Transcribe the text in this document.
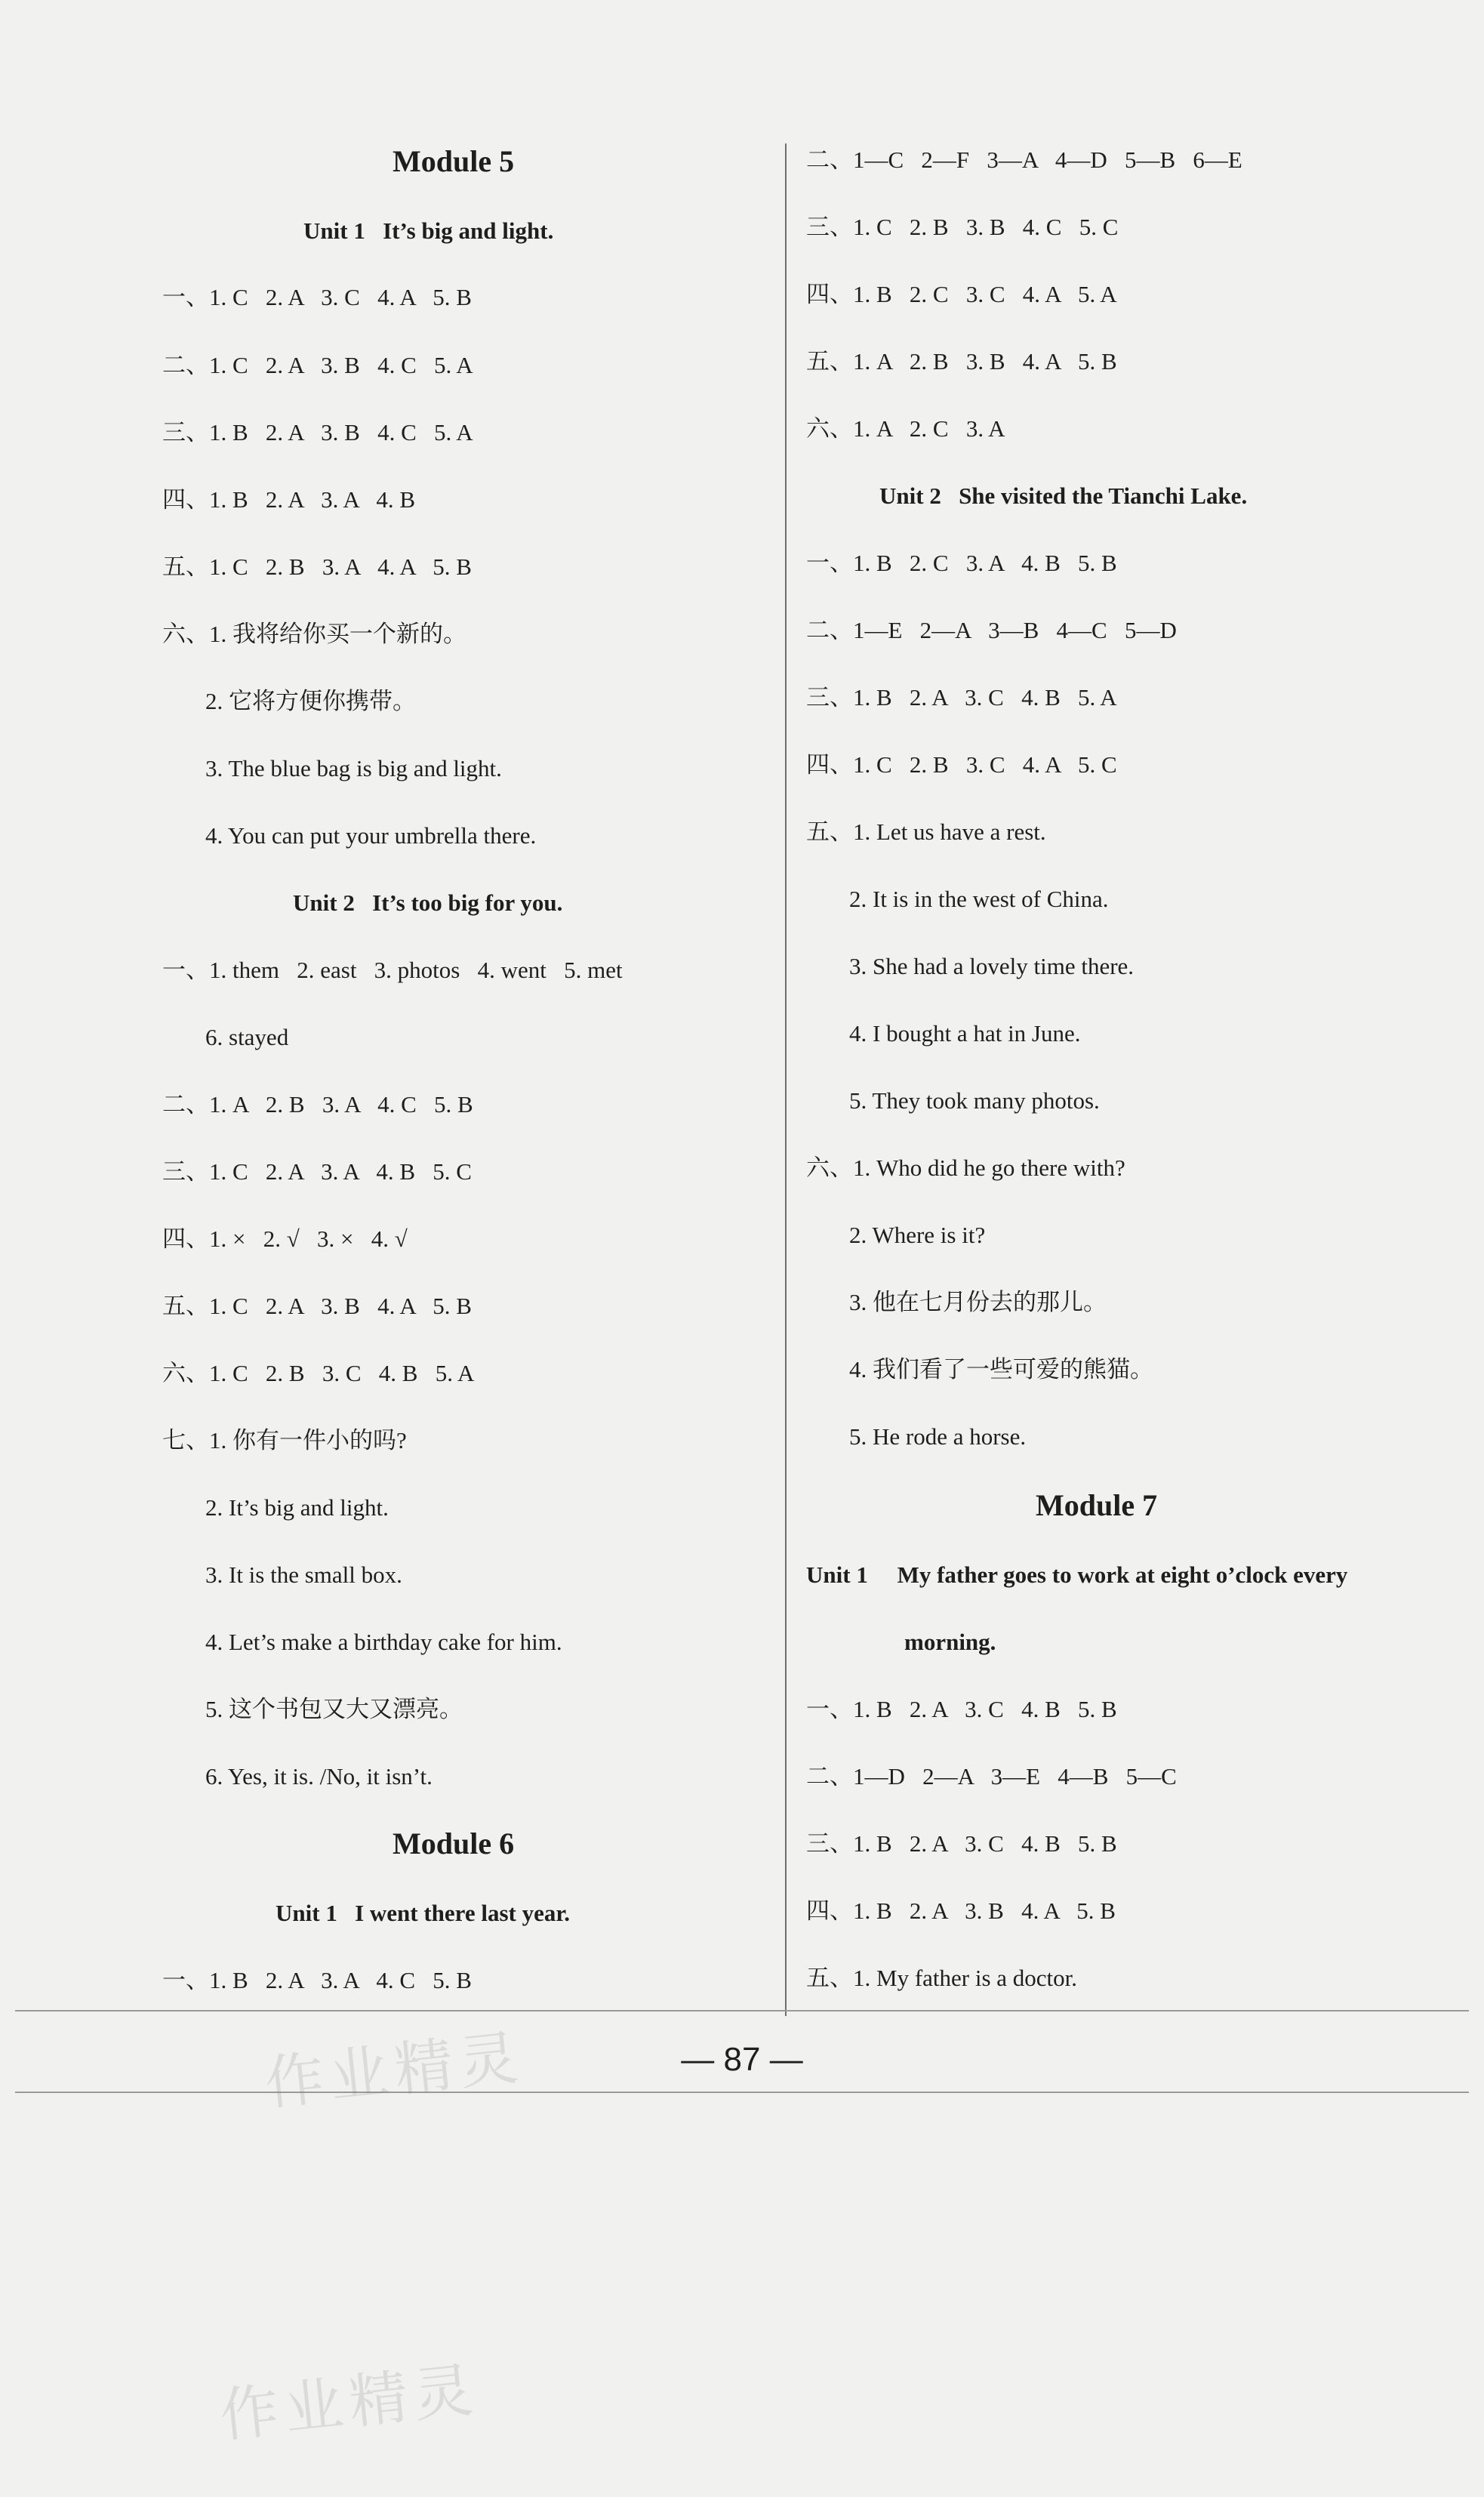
Module 5
Unit 1   It’s big and light.
一、1. C   2. A   3. C   4. A   5. B
二、1. C   2. A   3. B   4. C   5. A
三、1. B   2. A   3. B   4. C   5. A
四、1. B   2. A   3. A   4. B
五、1. C   2. B   3. A   4. A   5. B
六、1. 我将给你买一个新的。
2. 它将方便你携带。
3. The blue bag is big and light.
4. You can put your umbrella there.
Unit 2   It’s too big for you.
一、1. them   2. east   3. photos   4. went   5. met
6. stayed
二、1. A   2. B   3. A   4. C   5. B
三、1. C   2. A   3. A   4. B   5. C
四、1. ×   2. √   3. ×   4. √
五、1. C   2. A   3. B   4. A   5. B
六、1. C   2. B   3. C   4. B   5. A
七、1. 你有一件小的吗?
2. It’s big and light.
3. It is the small box.
4. Let’s make a birthday cake for him.
5. 这个书包又大又漂亮。
6. Yes, it is. /No, it isn’t.
Module 6
Unit 1   I went there last year.
一、1. B   2. A   3. A   4. C   5. B
二、1—C   2—F   3—A   4—D   5—B   6—E
三、1. C   2. B   3. B   4. C   5. C
四、1. B   2. C   3. C   4. A   5. A
五、1. A   2. B   3. B   4. A   5. B
六、1. A   2. C   3. A
Unit 2   She visited the Tianchi Lake.
一、1. B   2. C   3. A   4. B   5. B
二、1—E   2—A   3—B   4—C   5—D
三、1. B   2. A   3. C   4. B   5. A
四、1. C   2. B   3. C   4. A   5. C
五、1. Let us have a rest.
2. It is in the west of China.
3. She had a lovely time there.
4. I bought a hat in June.
5. They took many photos.
六、1. Who did he go there with?
2. Where is it?
3. 他在七月份去的那儿。
4. 我们看了一些可爱的熊猫。
5. He rode a horse.
Module 7
Unit 1     My father goes to work at eight o’clock every
morning.
一、1. B   2. A   3. C   4. B   5. B
二、1—D   2—A   3—E   4—B   5—C
三、1. B   2. A   3. C   4. B   5. B
四、1. B   2. A   3. B   4. A   5. B
五、1. My father is a doctor.
— 87 —
作业精灵
作业精灵
